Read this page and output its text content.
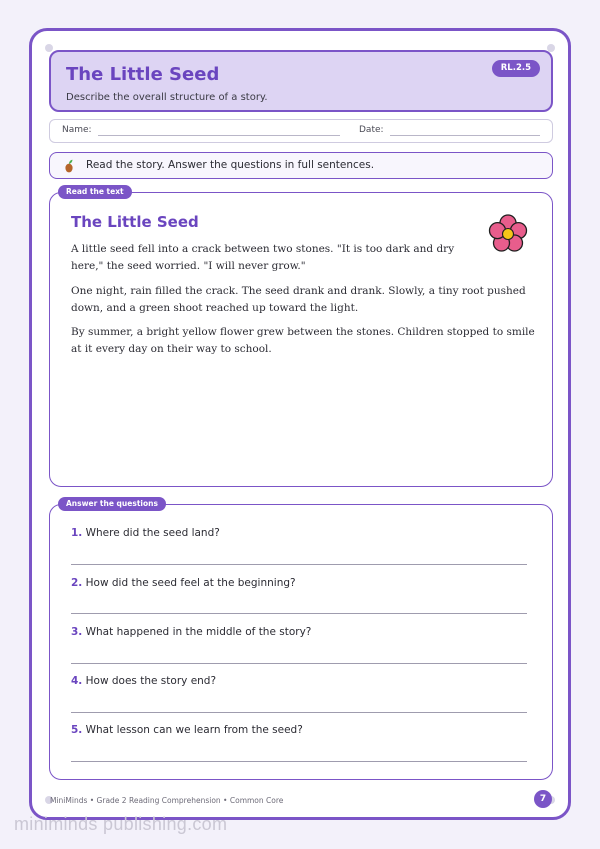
The Little Seed
Describe the overall structure of a story.
RL.2.5
Name:	Date:
Read the story. Answer the questions in full sentences.
The Little Seed

A little seed fell into a crack between two stones. "It is too dark and dry here," the seed worried. "I will never grow."

One night, rain filled the crack. The seed drank and drank. Slowly, a tiny root pushed down, and a green shoot reached up toward the light.

By summer, a bright yellow flower grew between the stones. Children stopped to smile at it every day on their way to school.

Read the text
1. Where did the seed land?
2. How did the seed feel at the beginning?
3. What happened in the middle of the story?
4. How does the story end?
5. What lesson can we learn from the seed?
Answer the questions
MiniMinds • Grade 2 Reading Comprehension • Common Core	7
miniminds publishing.com
